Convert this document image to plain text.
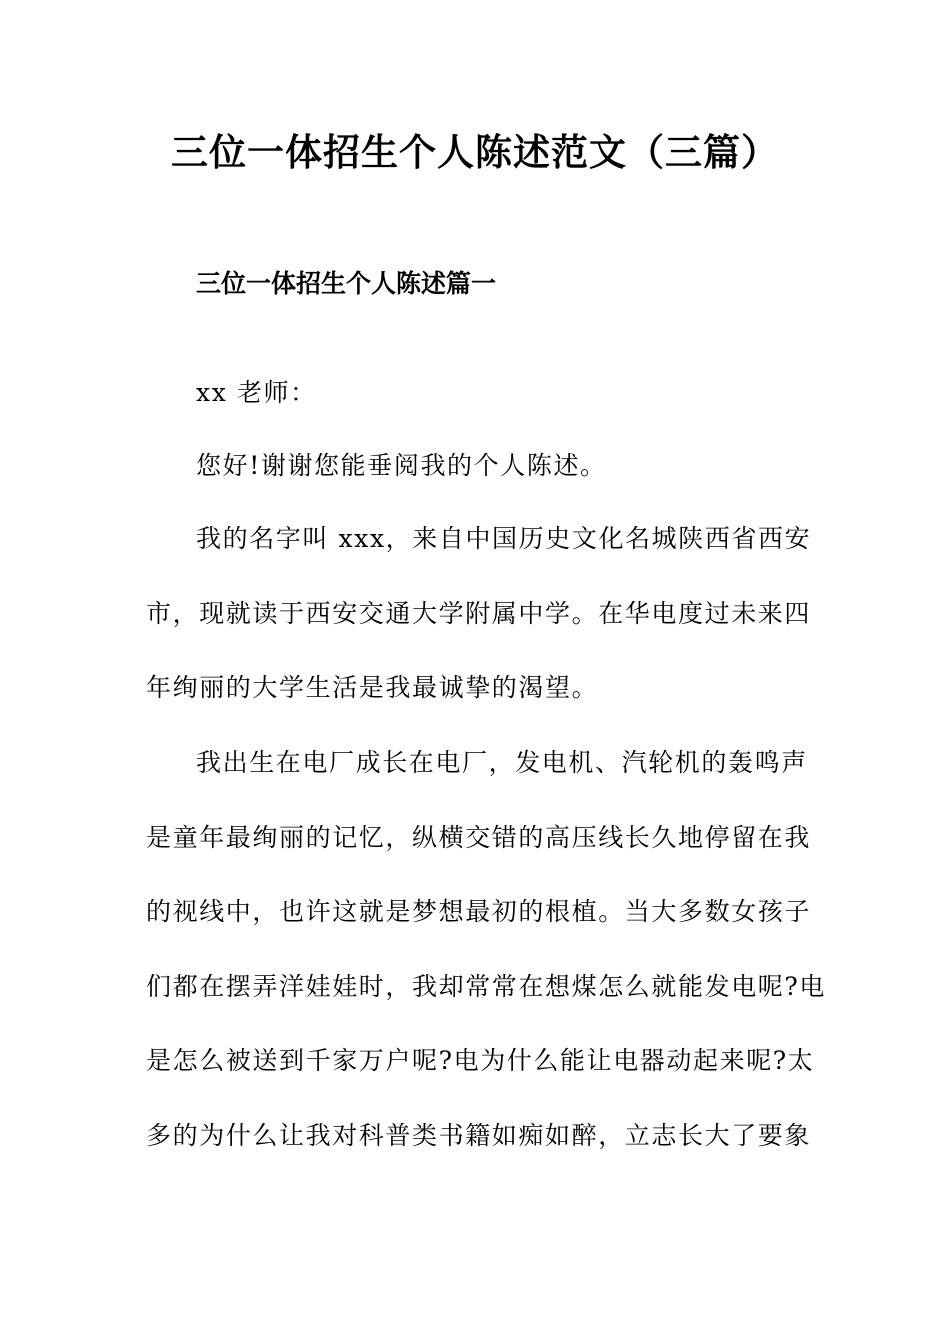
三位一体招生个人陈述范文（三篇）
三位一体招生个人陈述篇一
xx 老师：
您好!谢谢您能垂阅我的个人陈述。
我的名字叫 xxx，来自中国历史文化名城陕西省西安
市，现就读于西安交通大学附属中学。在华电度过未来四
年绚丽的大学生活是我最诚挚的渴望。
我出生在电厂成长在电厂，发电机、汽轮机的轰鸣声
是童年最绚丽的记忆，纵横交错的高压线长久地停留在我
的视线中，也许这就是梦想最初的根植。当大多数女孩子
们都在摆弄洋娃娃时，我却常常在想煤怎么就能发电呢?电
是怎么被送到千家万户呢?电为什么能让电器动起来呢?太
多的为什么让我对科普类书籍如痴如醉，立志长大了要象
